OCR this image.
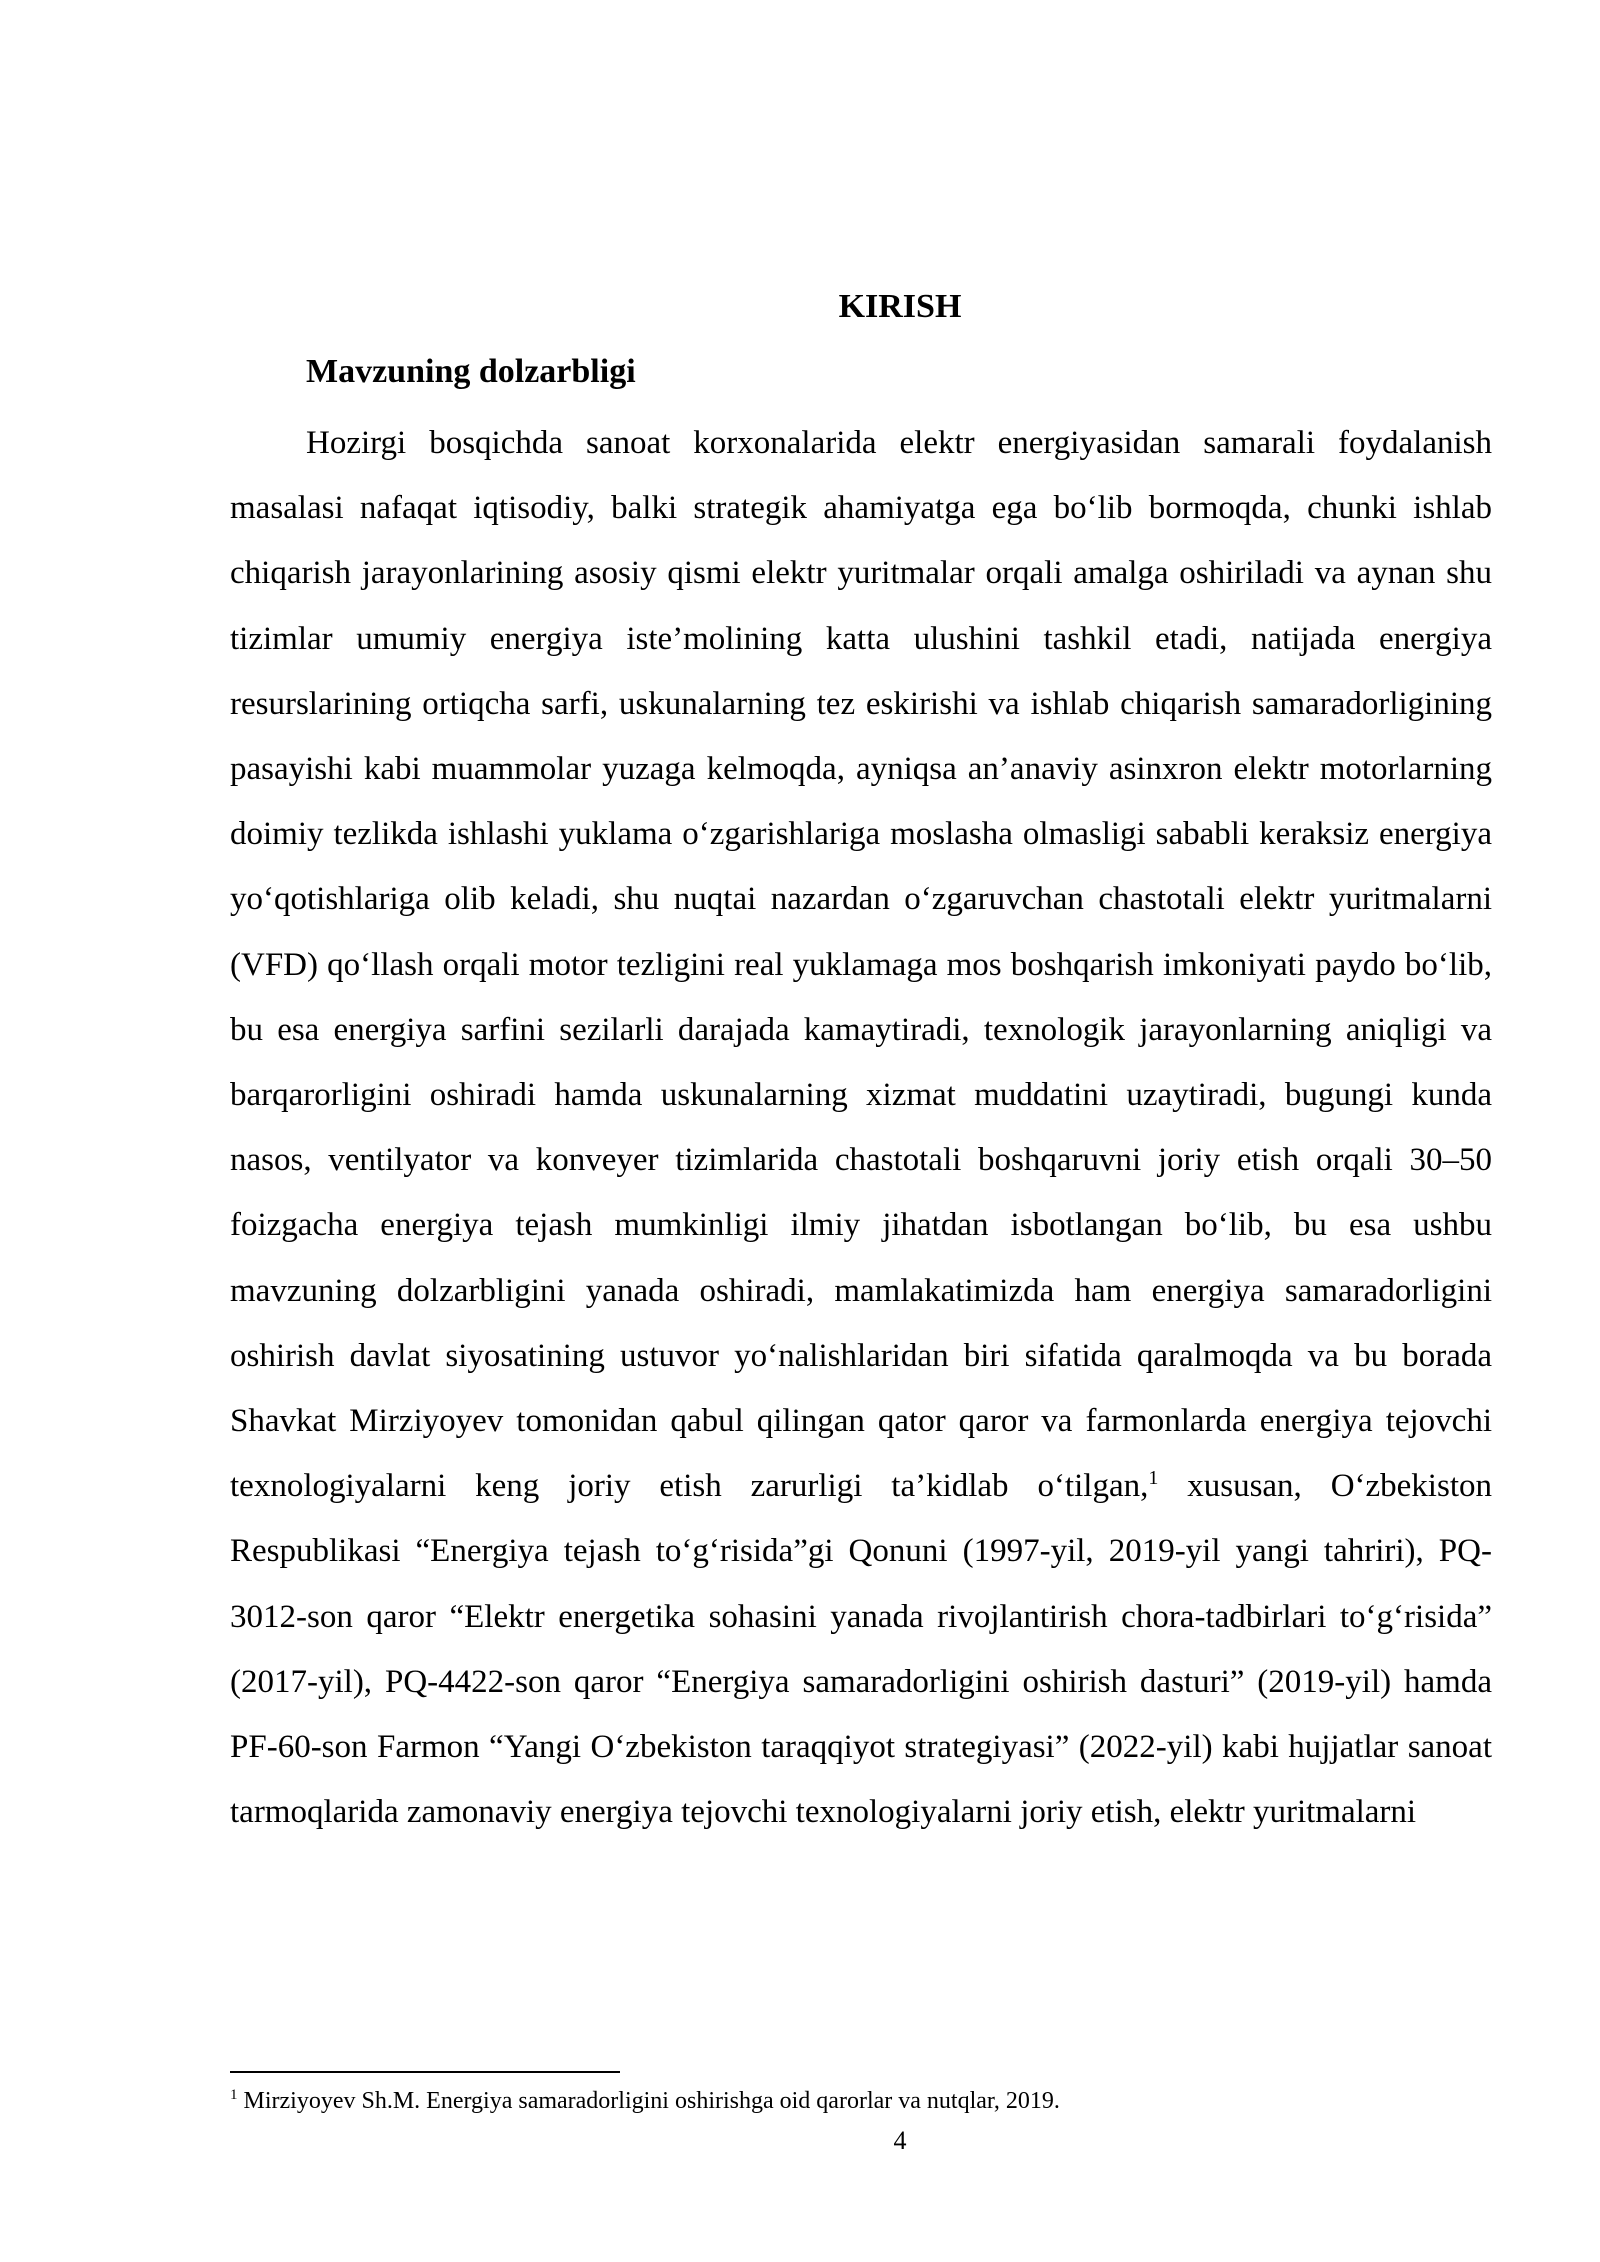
KIRISH
Mavzuning dolzarbligi

Hozirgi bosqichda sanoat korxonalarida elektr energiyasidan samarali foydalanish masalasi nafaqat iqtisodiy, balki strategik ahamiyatga ega bo‘lib bormoqda, chunki ishlab chiqarish jarayonlarining asosiy qismi elektr yuritmalar orqali amalga oshiriladi va aynan shu tizimlar umumiy energiya iste’molining katta ulushini tashkil etadi, natijada energiya resurslarining ortiqcha sarfi, uskunalarning tez eskirishi va ishlab chiqarish samaradorligining pasayishi kabi muammolar yuzaga kelmoqda, ayniqsa an’anaviy asinxron elektr motorlarning doimiy tezlikda ishlashi yuklama o‘zgarishlariga moslasha olmasligi sababli keraksiz energiya yo‘qotishlariga olib keladi, shu nuqtai nazardan o‘zgaruvchan chastotali elektr yuritmalarni (VFD) qo‘llash orqali motor tezligini real yuklamaga mos boshqarish imkoniyati paydo bo‘lib, bu esa energiya sarfini sezilarli darajada kamaytiradi, texnologik jarayonlarning aniqligi va barqarorligini oshiradi hamda uskunalarning xizmat muddatini uzaytiradi, bugungi kunda nasos, ventilyator va konveyer tizimlarida chastotali boshqaruvni joriy etish orqali 30–50 foizgacha energiya tejash mumkinligi ilmiy jihatdan isbotlangan bo‘lib, bu esa ushbu mavzuning dolzarbligini yanada oshiradi, mamlakatimizda ham energiya samaradorligini oshirish davlat siyosatining ustuvor yo‘nalishlaridan biri sifatida qaralmoqda va bu borada Shavkat Mirziyoyev tomonidan qabul qilingan qator qaror va farmonlarda energiya tejovchi texnologiyalarni keng joriy etish zarurligi ta’kidlab o‘tilgan,$^1$ xususan, O‘zbekiston Respublikasi “Energiya tejash to‘g‘risida”gi Qonuni (1997-yil, 2019-yil yangi tahriri), PQ-3012-son qaror “Elektr energetika sohasini yanada rivojlantirish chora-tadbirlari to‘g‘risida” (2017-yil), PQ-4422-son qaror “Energiya samaradorligini oshirish dasturi” (2019-yil) hamda PF-60-son Farmon “Yangi O‘zbekiston taraqqiyot strategiyasi” (2022-yil) kabi hujjatlar sanoat tarmoqlarida zamonaviy energiya tejovchi texnologiyalarni joriy etish, elektr yuritmalarni

$^1$ Mirziyoyev Sh.M. Energiya samaradorligini oshirishga oid qarorlar va nutqlar, 2019.

4
